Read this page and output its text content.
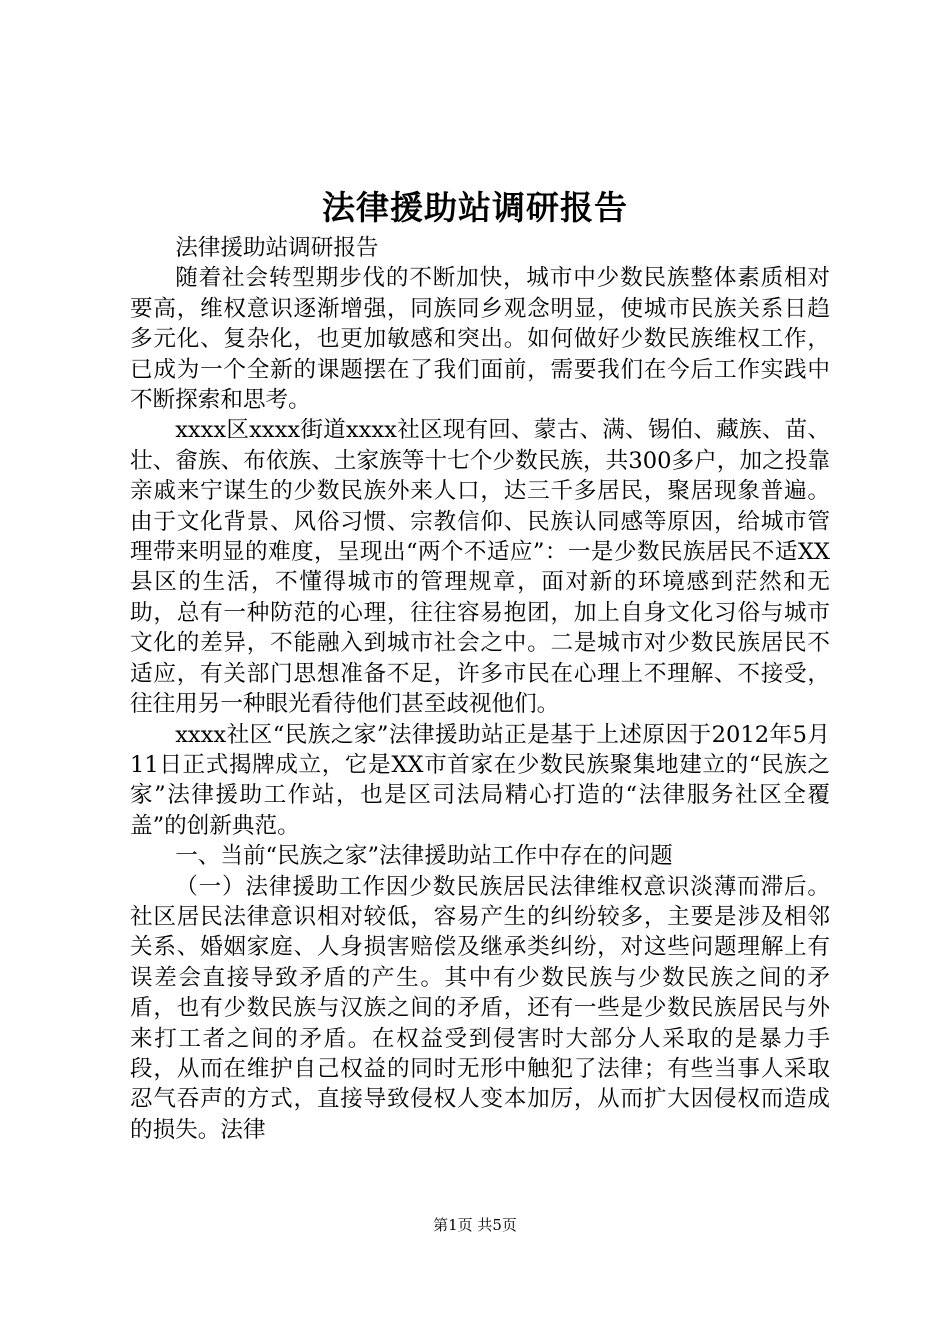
法律援助站调研报告

法律援助站调研报告

随着社会转型期步伐的不断加快，城市中少数民族整体素质相对要高，维权意识逐渐增强，同族同乡观念明显，使城市民族关系日趋多元化、复杂化，也更加敏感和突出。如何做好少数民族维权工作，已成为一个全新的课题摆在了我们面前，需要我们在今后工作实践中不断探索和思考。

xxxx区xxxx街道xxxx社区现有回、蒙古、满、锡伯、藏族、苗、壮、畲族、布依族、土家族等十七个少数民族，共300多户，加之投靠亲戚来宁谋生的少数民族外来人口，达三千多居民，聚居现象普遍。由于文化背景、风俗习惯、宗教信仰、民族认同感等原因，给城市管理带来明显的难度，呈现出“两个不适应”：一是少数民族居民不适XX县区的生活，不懂得城市的管理规章，面对新的环境感到茫然和无助，总有一种防范的心理，往往容易抱团，加上自身文化习俗与城市文化的差异，不能融入到城市社会之中。二是城市对少数民族居民不适应，有关部门思想准备不足，许多市民在心理上不理解、不接受，往往用另一种眼光看待他们甚至歧视他们。

xxxx社区“民族之家”法律援助站正是基于上述原因于2012年5月11日正式揭牌成立，它是XX市首家在少数民族聚集地建立的“民族之家”法律援助工作站，也是区司法局精心打造的“法律服务社区全覆盖”的创新典范。

一、当前“民族之家”法律援助站工作中存在的问题

（一）法律援助工作因少数民族居民法律维权意识淡薄而滞后。社区居民法律意识相对较低，容易产生的纠纷较多，主要是涉及相邻关系、婚姻家庭、人身损害赔偿及继承类纠纷，对这些问题理解上有误差会直接导致矛盾的产生。其中有少数民族与少数民族之间的矛盾，也有少数民族与汉族之间的矛盾，还有一些是少数民族居民与外来打工者之间的矛盾。在权益受到侵害时大部分人采取的是暴力手段，从而在维护自己权益的同时无形中触犯了法律；有些当事人采取忍气吞声的方式，直接导致侵权人变本加厉，从而扩大因侵权而造成的损失。法律

第1页 共5页
